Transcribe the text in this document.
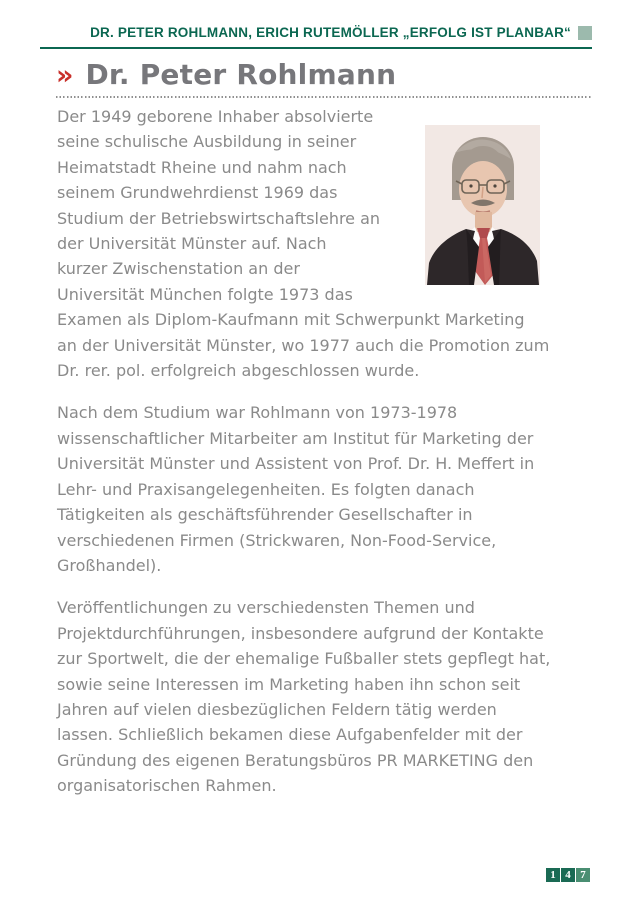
DR. PETER ROHLMANN, ERICH RUTEMÖLLER „ERFOLG IST PLANBAR“
» Dr. Peter Rohlmann

Der 1949 geborene Inhaber absolvierte
seine schulische Ausbildung in seiner
Heimatstadt Rheine und nahm nach
seinem Grundwehrdienst 1969 das
Studium der Betriebswirtschaftslehre an
der Universität Münster auf. Nach
kurzer Zwischenstation an der
Universität München folgte 1973 das
Examen als Diplom-Kaufmann mit Schwerpunkt Marketing
an der Universität Münster, wo 1977 auch die Promotion zum
Dr. rer. pol. erfolgreich abgeschlossen wurde.

Nach dem Studium war Rohlmann von 1973-1978
wissenschaftlicher Mitarbeiter am Institut für Marketing der
Universität Münster und Assistent von Prof. Dr. H. Meffert in
Lehr- und Praxisangelegenheiten. Es folgten danach
Tätigkeiten als geschäftsführender Gesellschafter in
verschiedenen Firmen (Strickwaren, Non-Food-Service,
Großhandel).

Veröffentlichungen zu verschiedensten Themen und
Projektdurchführungen, insbesondere aufgrund der Kontakte
zur Sportwelt, die der ehemalige Fußballer stets gepflegt hat,
sowie seine Interessen im Marketing haben ihn schon seit
Jahren auf vielen diesbezüglichen Feldern tätig werden
lassen. Schließlich bekamen diese Aufgabenfelder mit der
Gründung des eigenen Beratungsbüros PR MARKETING den
organisatorischen Rahmen.

1 4 7
